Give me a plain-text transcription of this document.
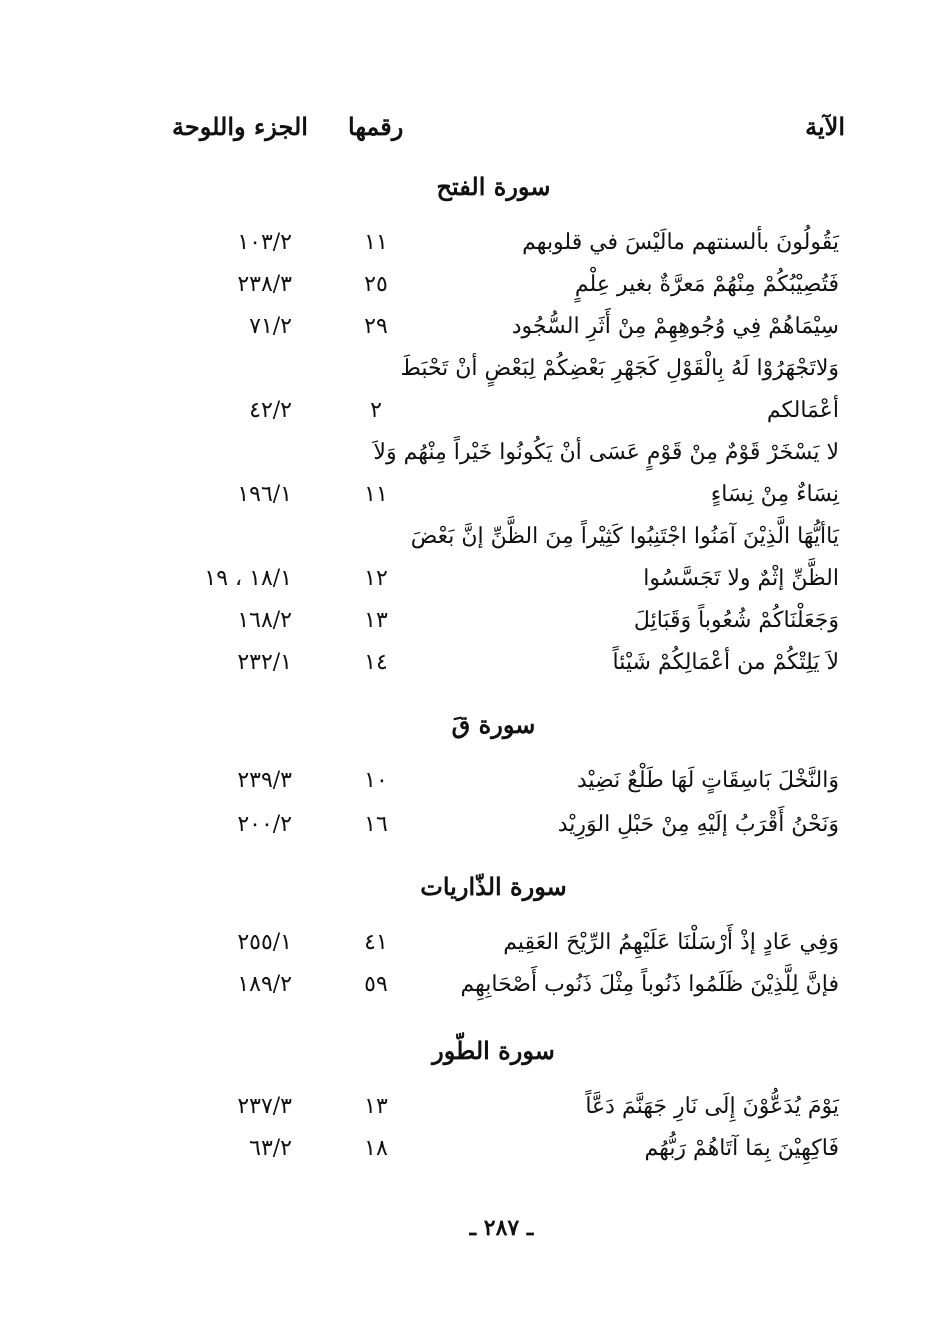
الآية
رقمها
الجزء واللوحة
سورة الفتح
يَقُولُونَ بألسنتهم مالَيْسَ في قلوبهم
١١
١٠٣/٢
فَتُصِيْبُكُمْ مِنْهُمْ مَعرَّةٌ بغير عِلْمٍ
٢٥
٢٣٨/٣
سِيْمَاهُمْ فِي وُجُوهِهِمْ مِنْ أَثَرِ السُّجُود
٢٩
٧١/٢
وَلاتَجْهَرُوْا لَهُ بِالْقَوْلِ كَجَهْرِ بَعْضِكُمْ لِبَعْضٍ أنْ تَحْبَطَ
أعْمَالكم
٢
٤٢/٢
لا يَسْخَرْ قَوْمٌ مِنْ قَوْمٍ عَسَى أنْ يَكُونُوا خَيْراً مِنْهُم وَلاَ
نِسَاءٌ مِنْ نِسَاءٍ
١١
١٩٦/١
يَاأيُّهَا الَّذِيْنَ آمَنُوا اجْتَنِبُوا كَثِيْراً مِنَ الظَّنِّ إنَّ بَعْضَ
الظَّنِّ إثْمٌ ولا تَجَسَّسُوا
١٢
١٨/١ ، ١٩
وَجَعَلْنَاكُمْ شُعُوباً وَقَبَائِلَ
١٣
١٦٨/٢
لاَ يَلِتْكُمْ من أعْمَالِكُمْ شَيْئاً
١٤
٢٣٢/١
سورة قَ
وَالنَّخْلَ بَاسِقَاتٍ لَهَا طَلْعٌ نَضِيْد
١٠
٢٣٩/٣
وَنَحْنُ أَقْرَبُ إلَيْهِ مِنْ حَبْلِ الوَرِيْد
١٦
٢٠٠/٢
سورة الذّاريات
وَفِي عَادٍ إذْ أَرْسَلْنَا عَلَيْهِمُ الرِّيْحَ العَقِيم
٤١
٢٥٥/١
فإنَّ لِلَّذِيْنَ ظَلَمُوا ذَنُوباً مِثْلَ ذَنُوب أَصْحَابِهِم
٥٩
١٨٩/٢
سورة الطّور
يَوْمَ يُدَعُّوْنَ إِلَى نَارِ جَهَنَّمَ دَعَّاً
١٣
٢٣٧/٣
فَاكِهِيْنَ بِمَا آتَاهُمْ رَبُّهُم
١٨
٦٣/٢
ـ ٢٨٧ ـ
